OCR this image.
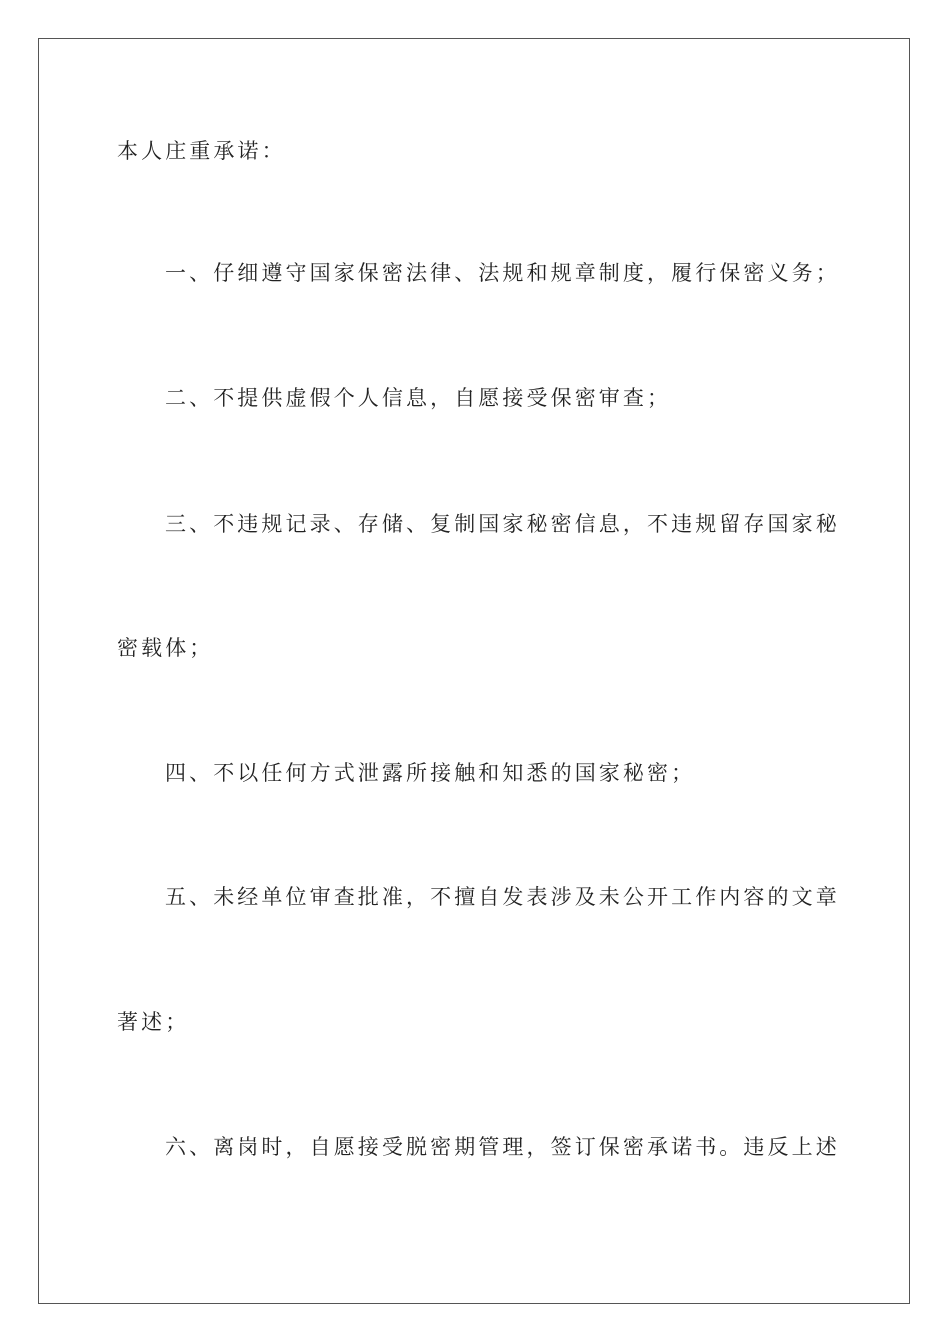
本人庄重承诺：
一、仔细遵守国家保密法律、法规和规章制度，履行保密义务；
二、不提供虚假个人信息，自愿接受保密审查；
三、不违规记录、存储、复制国家秘密信息，不违规留存国家秘
密载体；
四、不以任何方式泄露所接触和知悉的国家秘密；
五、未经单位审查批准，不擅自发表涉及未公开工作内容的文章
著述；
六、离岗时，自愿接受脱密期管理，签订保密承诺书。违反上述
